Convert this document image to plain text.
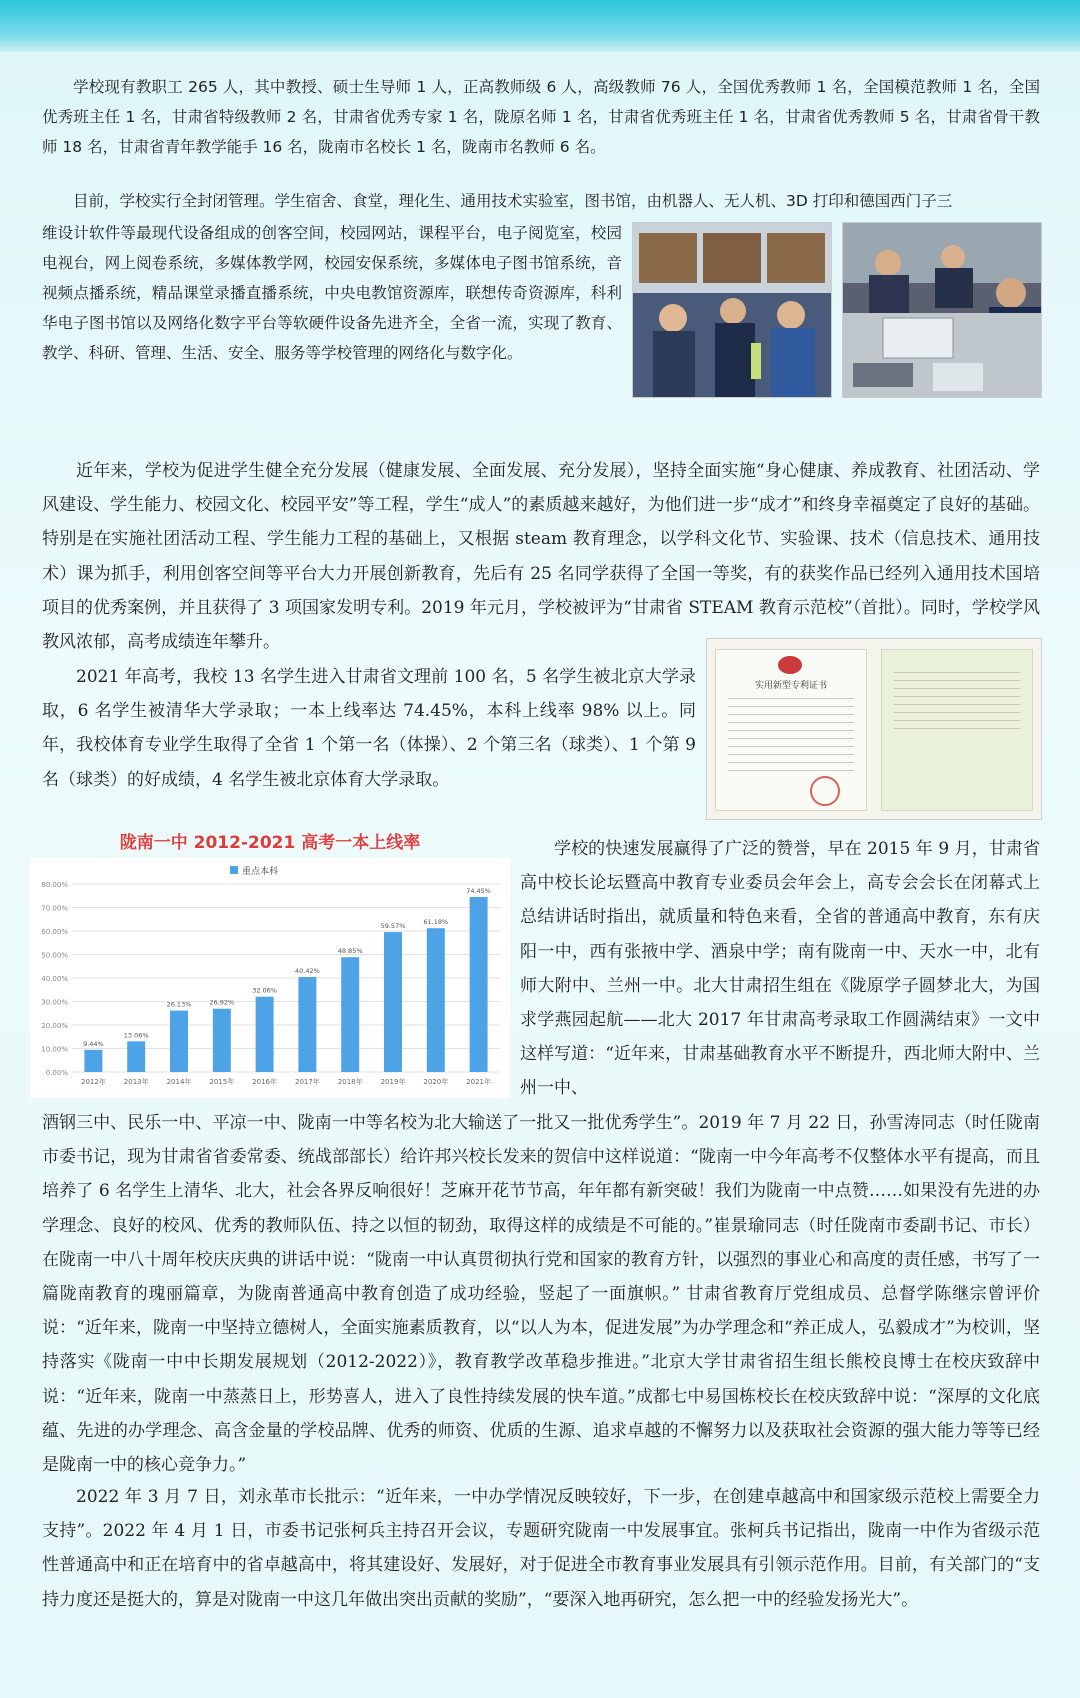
学校现有教职工 265 人，其中教授、硕士生导师 1 人，正高教师级 6 人，高级教师 76 人，全国优秀教师 1 名，全国模范教师 1 名，全国优秀班主任 1 名，甘肃省特级教师 2 名，甘肃省优秀专家 1 名，陇原名师 1 名，甘肃省优秀班主任 1 名，甘肃省优秀教师 5 名，甘肃省骨干教师 18 名，甘肃省青年教学能手 16 名，陇南市名校长 1 名，陇南市名教师 6 名。

目前，学校实行全封闭管理。学生宿舍、食堂，理化生、通用技术实验室，图书馆，由机器人、无人机、3D 打印和德国西门子三

维设计软件等最现代设备组成的创客空间，校园网站，课程平台，电子阅览室，校园电视台，网上阅卷系统，多媒体教学网，校园安保系统，多媒体电子图书馆系统，音视频点播系统，精品课堂录播直播系统，中央电教馆资源库，联想传奇资源库，科利华电子图书馆以及网络化数字平台等软硬件设备先进齐全，全省一流，实现了教育、教学、科研、管理、生活、安全、服务等学校管理的网络化与数字化。

近年来，学校为促进学生健全充分发展（健康发展、全面发展、充分发展），坚持全面实施“身心健康、养成教育、社团活动、学风建设、学生能力、校园文化、校园平安”等工程，学生“成人”的素质越来越好，为他们进一步“成才”和终身幸福奠定了良好的基础。特别是在实施社团活动工程、学生能力工程的基础上，又根据 steam 教育理念，以学科文化节、实验课、技术（信息技术、通用技术）课为抓手，利用创客空间等平台大力开展创新教育，先后有 25 名同学获得了全国一等奖，有的获奖作品已经列入通用技术国培项目的优秀案例，并且获得了 3 项国家发明专利。2019 年元月，学校被评为“甘肃省 STEAM 教育示范校”（首批）。同时，学校学风教风浓郁，高考成绩连年攀升。

2021 年高考，我校 13 名学生进入甘肃省文理前 100 名，5 名学生被北京大学录取，6 名学生被清华大学录取；一本上线率达 74.45%，本科上线率 98% 以上。同年，我校体育专业学生取得了全省 1 个第一名（体操）、2 个第三名（球类）、1 个第 9 名（球类）的好成绩，4 名学生被北京体育大学录取。

实用新型专利证书
陇南一中 2012-2021 高考一本上线率
重点本科
0.00%
10.00%
20.00%
30.00%
40.00%
50.00%
60.00%
70.00%
80.00%
9.44%
2012年
13.06%
2013年
26.13%
2014年
26.92%
2015年
32.06%
2016年
40.42%
2017年
48.85%
2018年
59.57%
2019年
61.18%
2020年
74.45%
2021年

学校的快速发展赢得了广泛的赞誉，早在 2015 年 9 月，甘肃省高中校长论坛暨高中教育专业委员会年会上，高专会会长在闭幕式上总结讲话时指出，就质量和特色来看，全省的普通高中教育，东有庆阳一中，西有张掖中学、酒泉中学；南有陇南一中、天水一中，北有师大附中、兰州一中。北大甘肃招生组在《陇原学子圆梦北大，为国求学燕园起航——北大 2017 年甘肃高考录取工作圆满结束》一文中这样写道：“近年来，甘肃基础教育水平不断提升，西北师大附中、兰州一中、

酒钢三中、民乐一中、平凉一中、陇南一中等名校为北大输送了一批又一批优秀学生”。2019 年 7 月 22 日，孙雪涛同志（时任陇南市委书记，现为甘肃省省委常委、统战部部长）给许邦兴校长发来的贺信中这样说道：“陇南一中今年高考不仅整体水平有提高，而且培养了 6 名学生上清华、北大，社会各界反响很好！芝麻开花节节高，年年都有新突破！我们为陇南一中点赞……如果没有先进的办学理念、良好的校风、优秀的教师队伍、持之以恒的韧劲，取得这样的成绩是不可能的。”崔景瑜同志（时任陇南市委副书记、市长）在陇南一中八十周年校庆庆典的讲话中说：“陇南一中认真贯彻执行党和国家的教育方针，以强烈的事业心和高度的责任感，书写了一篇陇南教育的瑰丽篇章，为陇南普通高中教育创造了成功经验，竖起了一面旗帜。” 甘肃省教育厅党组成员、总督学陈继宗曾评价说：“近年来，陇南一中坚持立德树人，全面实施素质教育，以“以人为本，促进发展”为办学理念和“养正成人，弘毅成才”为校训，坚持落实《陇南一中中长期发展规划（2012-2022）》，教育教学改革稳步推进。”北京大学甘肃省招生组长熊校良博士在校庆致辞中说：“近年来，陇南一中蒸蒸日上，形势喜人，进入了良性持续发展的快车道。”成都七中易国栋校长在校庆致辞中说：“深厚的文化底蕴、先进的办学理念、高含金量的学校品牌、优秀的师资、优质的生源、追求卓越的不懈努力以及获取社会资源的强大能力等等已经是陇南一中的核心竞争力。”

2022 年 3 月 7 日，刘永革市长批示：“近年来，一中办学情况反映较好，下一步，在创建卓越高中和国家级示范校上需要全力支持”。2022 年 4 月 1 日，市委书记张柯兵主持召开会议，专题研究陇南一中发展事宜。张柯兵书记指出，陇南一中作为省级示范性普通高中和正在培育中的省卓越高中，将其建设好、发展好，对于促进全市教育事业发展具有引领示范作用。目前，有关部门的“支持力度还是挺大的，算是对陇南一中这几年做出突出贡献的奖励”，“要深入地再研究，怎么把一中的经验发扬光大”。
